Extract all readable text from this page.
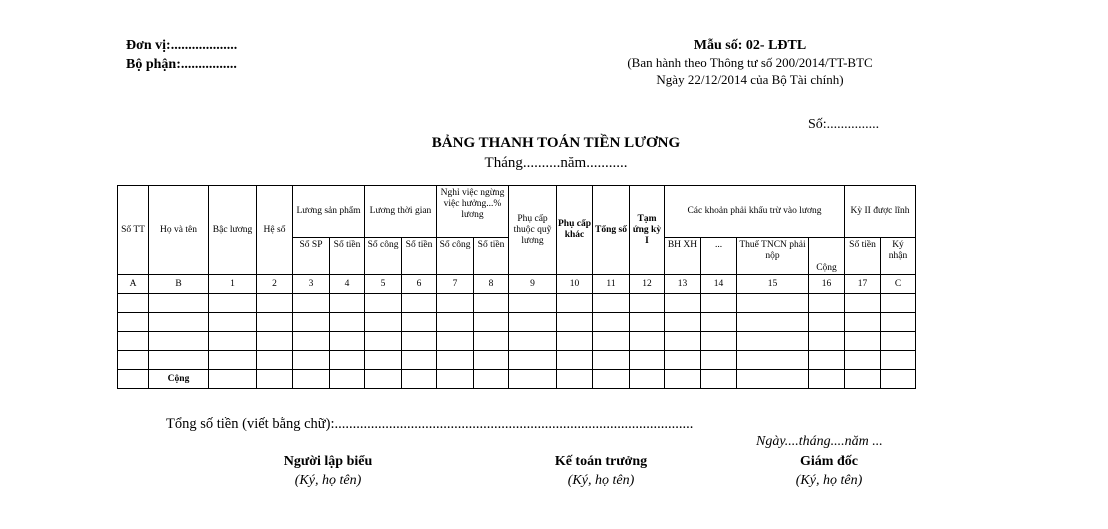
Đơn vị:...................
Bộ phận:................
Mẫu số: 02- LĐTL
(Ban hành theo Thông tư số 200/2014/TT-BTC
Ngày 22/12/2014 của Bộ Tài chính)
Số:...............
BẢNG THANH TOÁN TIỀN LƯƠNG
Tháng..........năm...........
Số TT	Họ và tên	Bậc lương	Hệ số	Lương sản phẩm		Lương thời gian		Nghỉ việc ngừng việc hưởng...% lương		Phụ cấp thuộc quỹ lương	Phụ cấp khác	Tổng số	Tạm ứng kỳ I	Các khoản phải khấu trừ vào lương				Kỳ II được lĩnh	
				Số SP	Số tiền	Số công	Số tiền	Số công	Số tiền					BH XH	...	Thuế TNCN phải nộp	Cộng	Số tiền	Ký nhận
A	B	1	2	3	4	5	6	7	8	9	10	11	12	13	14	15	16	17	C

	Cộng																		
Tổng số tiền (viết bằng chữ):...................................................................................................
Ngày....tháng....năm ...
Người lập biểu
(Ký, họ tên)
Kế toán trưởng
(Ký, họ tên)
Giám đốc
(Ký, họ tên)
